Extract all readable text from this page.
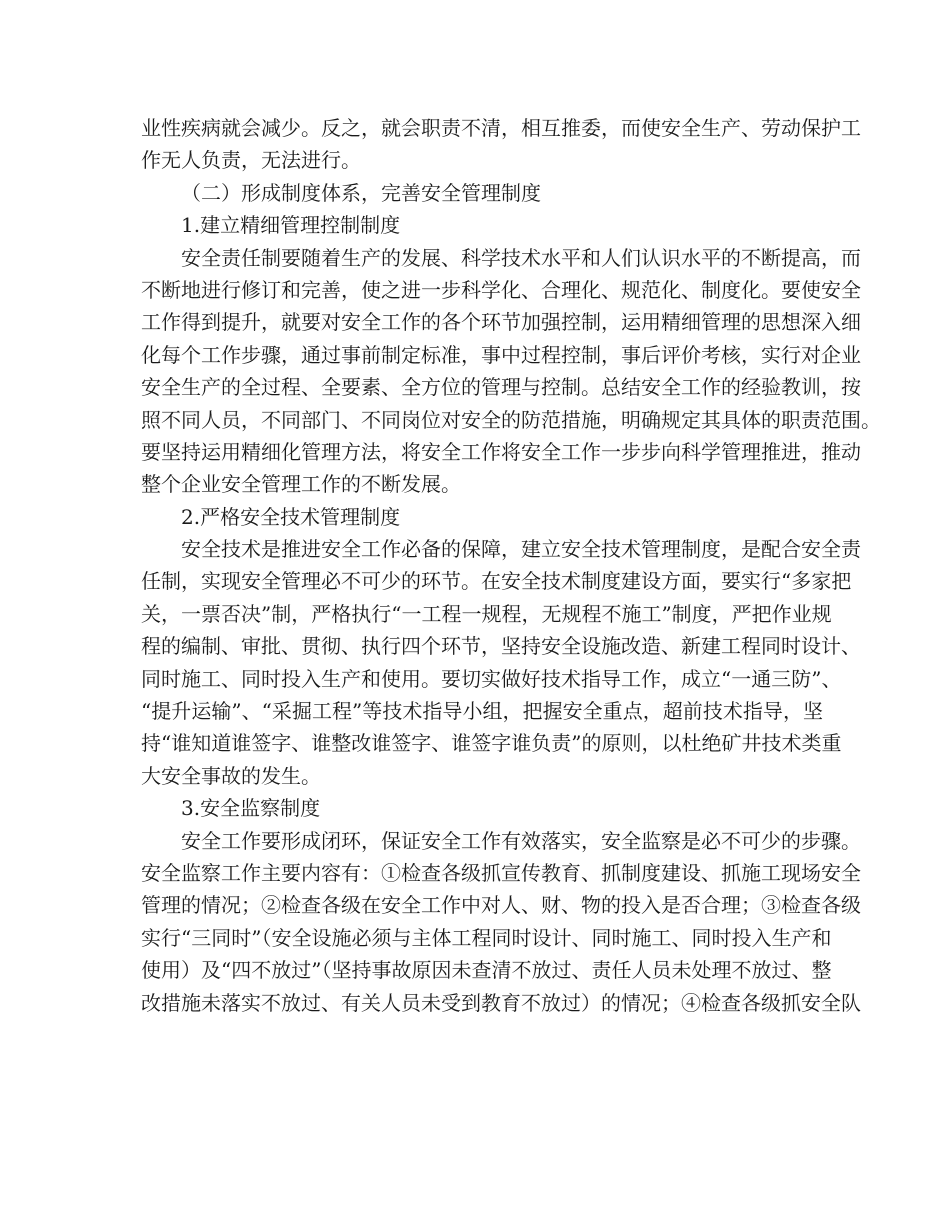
业性疾病就会减少。反之，就会职责不清，相互推委，而使安全生产、劳动保护工
作无人负责，无法进行。
（二）形成制度体系，完善安全管理制度
1.建立精细管理控制制度
安全责任制要随着生产的发展、科学技术水平和人们认识水平的不断提高，而
不断地进行修订和完善，使之进一步科学化、合理化、规范化、制度化。要使安全
工作得到提升，就要对安全工作的各个环节加强控制，运用精细管理的思想深入细
化每个工作步骤，通过事前制定标准，事中过程控制，事后评价考核，实行对企业
安全生产的全过程、全要素、全方位的管理与控制。总结安全工作的经验教训，按
照不同人员，不同部门、不同岗位对安全的防范措施，明确规定其具体的职责范围。
要坚持运用精细化管理方法，将安全工作将安全工作一步步向科学管理推进，推动
整个企业安全管理工作的不断发展。
2.严格安全技术管理制度
安全技术是推进安全工作必备的保障，建立安全技术管理制度，是配合安全责
任制，实现安全管理必不可少的环节。在安全技术制度建设方面，要实行“多家把
关，一票否决”制，严格执行“一工程一规程，无规程不施工”制度，严把作业规
程的编制、审批、贯彻、执行四个环节，坚持安全设施改造、新建工程同时设计、
同时施工、同时投入生产和使用。要切实做好技术指导工作，成立“一通三防”、
“提升运输”、“采掘工程”等技术指导小组，把握安全重点，超前技术指导，坚
持“谁知道谁签字、谁整改谁签字、谁签字谁负责”的原则，以杜绝矿井技术类重
大安全事故的发生。
3.安全监察制度
安全工作要形成闭环，保证安全工作有效落实，安全监察是必不可少的步骤。
安全监察工作主要内容有：①检查各级抓宣传教育、抓制度建设、抓施工现场安全
管理的情况；②检查各级在安全工作中对人、财、物的投入是否合理；③检查各级
实行“三同时”（安全设施必须与主体工程同时设计、同时施工、同时投入生产和
使用）及“四不放过”（坚持事故原因未查清不放过、责任人员未处理不放过、整
改措施未落实不放过、有关人员未受到教育不放过）的情况；④检查各级抓安全队
